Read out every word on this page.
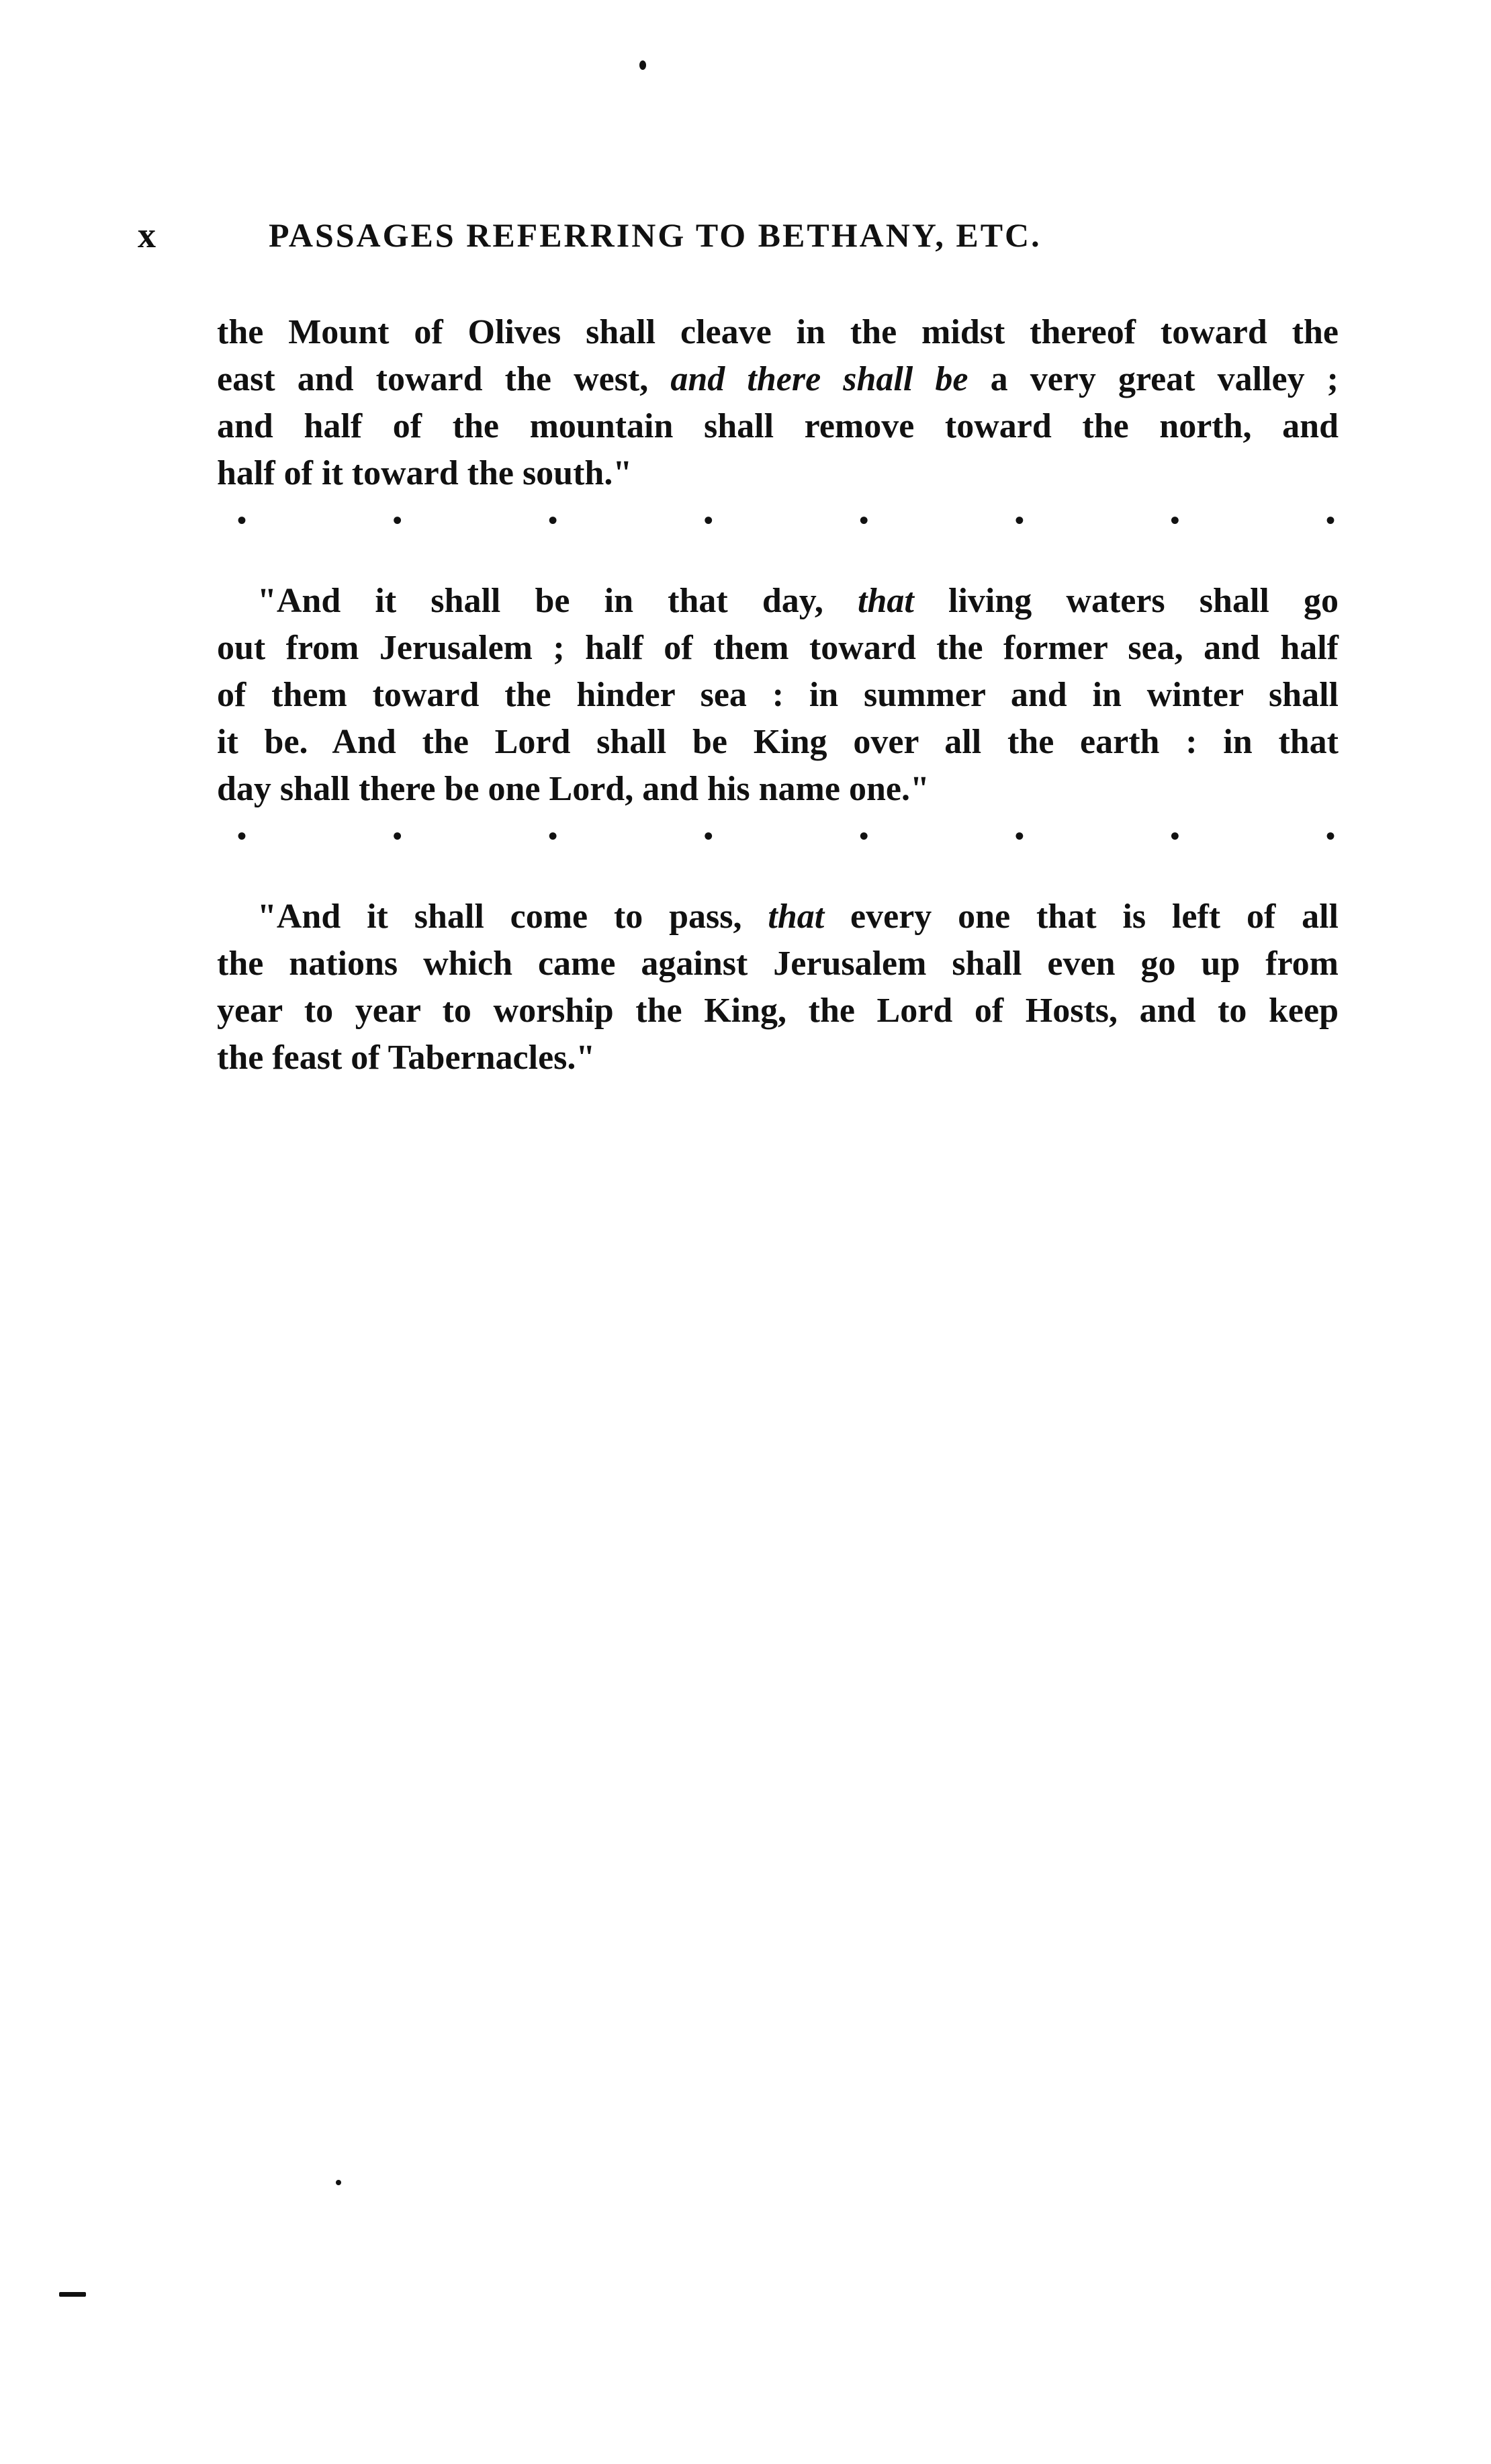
x	PASSAGES REFERRING TO BETHANY, ETC.

the Mount of Olives shall cleave in the midst thereof toward the
east and toward the west, and there shall be a very great valley ;
and half of the mountain shall remove toward the north, and
half of it toward the south."

•	•	•	•	•	•	•	•

"And it shall be in that day, that living waters shall go
out from Jerusalem ; half of them toward the former sea, and half
of them toward the hinder sea : in summer and in winter shall
it be. And the Lord shall be King over all the earth : in that
day shall there be one Lord, and his name one."

•	•	•	•	•	•	•	•

"And it shall come to pass, that every one that is left of all
the nations which came against Jerusalem shall even go up from
year to year to worship the King, the Lord of Hosts, and to keep
the feast of Tabernacles."
